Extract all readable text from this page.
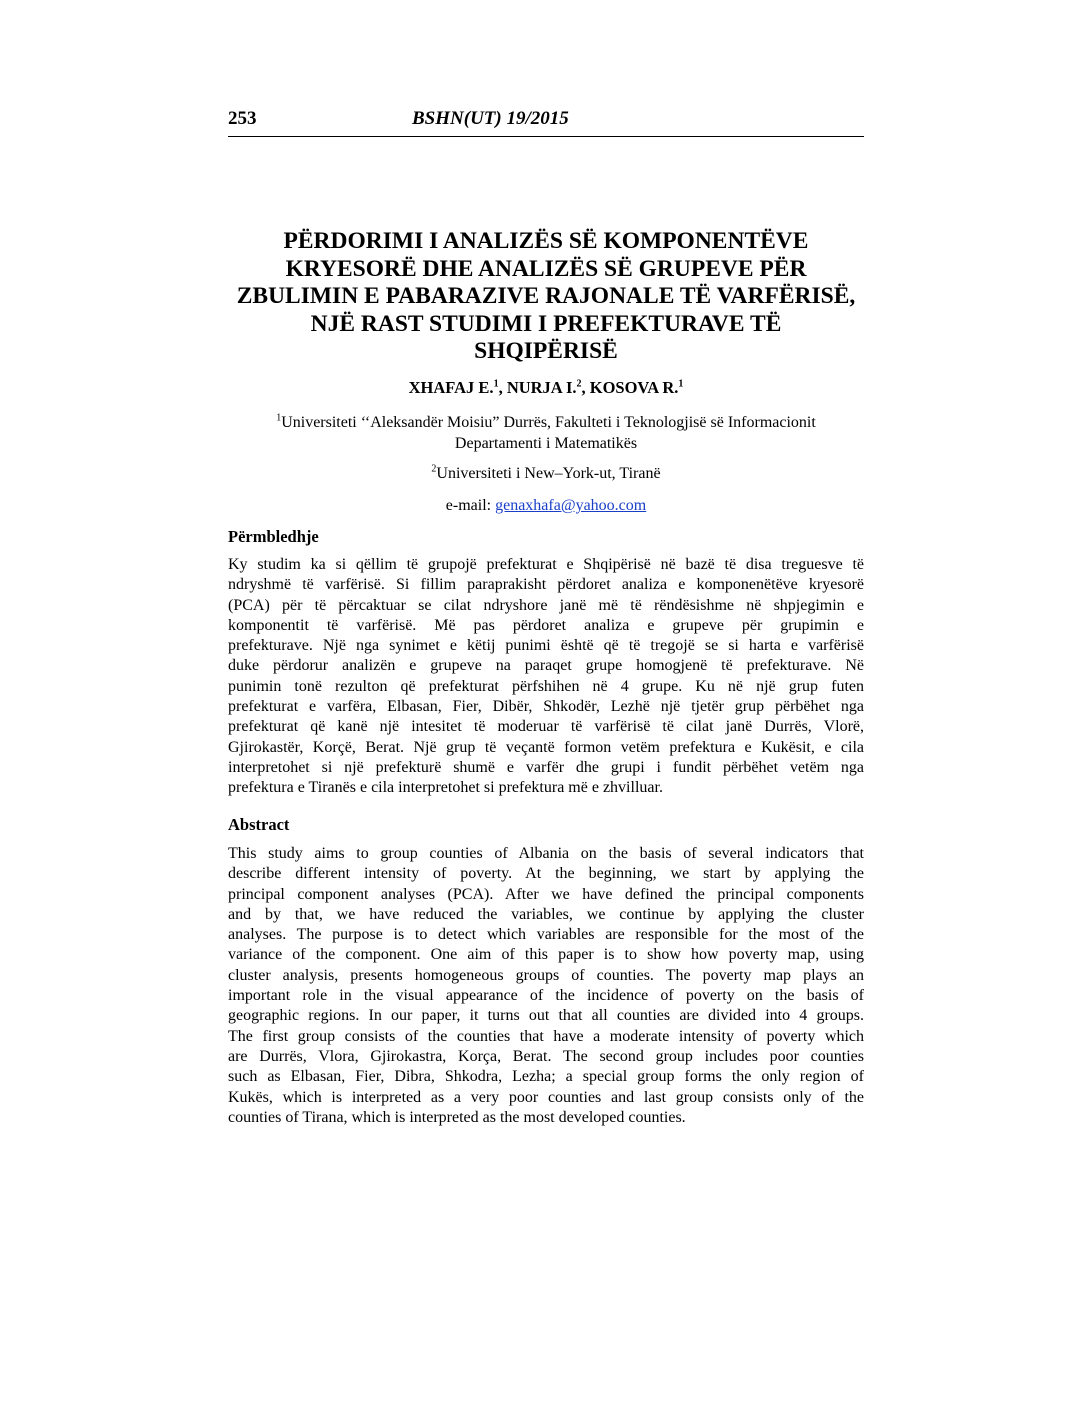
253	BSHN(UT) 19/2015
PËRDORIMI I ANALIZËS SË KOMPONENTËVE
KRYESORË DHE ANALIZËS SË GRUPEVE PËR
ZBULIMIN E PABARAZIVE RAJONALE TË VARFËRISË,
NJË RAST STUDIMI I PREFEKTURAVE TË
SHQIPËRISË
XHAFAJ E.$^1$, NURJA I.$^2$, KOSOVA R.$^1$
$^1$Universiteti ‘‘Aleksandër Moisiu” Durrës, Fakulteti i Teknologjisë së Informacionit
Departamenti i Matematikës
$^2$Universiteti i New–York-ut, Tiranë
e-mail: genaxhafa@yahoo.com
Përmbledhje
Ky studim ka si qëllim të grupojë prefekturat e Shqipërisë në bazë të disa treguesve të
ndryshmë të varfërisë. Si fillim paraprakisht përdoret analiza e komponenëtëve kryesorë
(PCA) për të përcaktuar se cilat ndryshore janë më të rëndësishme në shpjegimin e
komponentit të varfërisë. Më pas përdoret analiza e grupeve për grupimin e
prefekturave. Një nga synimet e këtij punimi është që të tregojë se si harta e varfërisë
duke përdorur analizën e grupeve na paraqet grupe homogjenë të prefekturave. Në
punimin tonë rezulton që prefekturat përfshihen në 4 grupe. Ku në një grup futen
prefekturat e varfëra, Elbasan, Fier, Dibër, Shkodër, Lezhë një tjetër grup përbëhet nga
prefekturat që kanë një intesitet të moderuar të varfërisë të cilat janë Durrës, Vlorë,
Gjirokastër, Korçë, Berat. Një grup të veçantë formon vetëm prefektura e Kukësit, e cila
interpretohet si një prefekturë shumë e varfër dhe grupi i fundit përbëhet vetëm nga
prefektura e Tiranës e cila interpretohet si prefektura më e zhvilluar.
Abstract
This study aims to group counties of Albania on the basis of several indicators that
describe different intensity of poverty. At the beginning, we start by applying the
principal component analyses (PCA). After we have defined the principal components
and by that, we have reduced the variables, we continue by applying the cluster
analyses. The purpose is to detect which variables are responsible for the most of the
variance of the component. One aim of this paper is to show how poverty map, using
cluster analysis, presents homogeneous groups of counties. The poverty map plays an
important role in the visual appearance of the incidence of poverty on the basis of
geographic regions. In our paper, it turns out that all counties are divided into 4 groups.
The first group consists of the counties that have a moderate intensity of poverty which
are Durrës, Vlora, Gjirokastra, Korça, Berat. The second group includes poor counties
such as Elbasan, Fier, Dibra, Shkodra, Lezha; a special group forms the only region of
Kukës, which is interpreted as a very poor counties and last group consists only of the
counties of Tirana, which is interpreted as the most developed counties.
